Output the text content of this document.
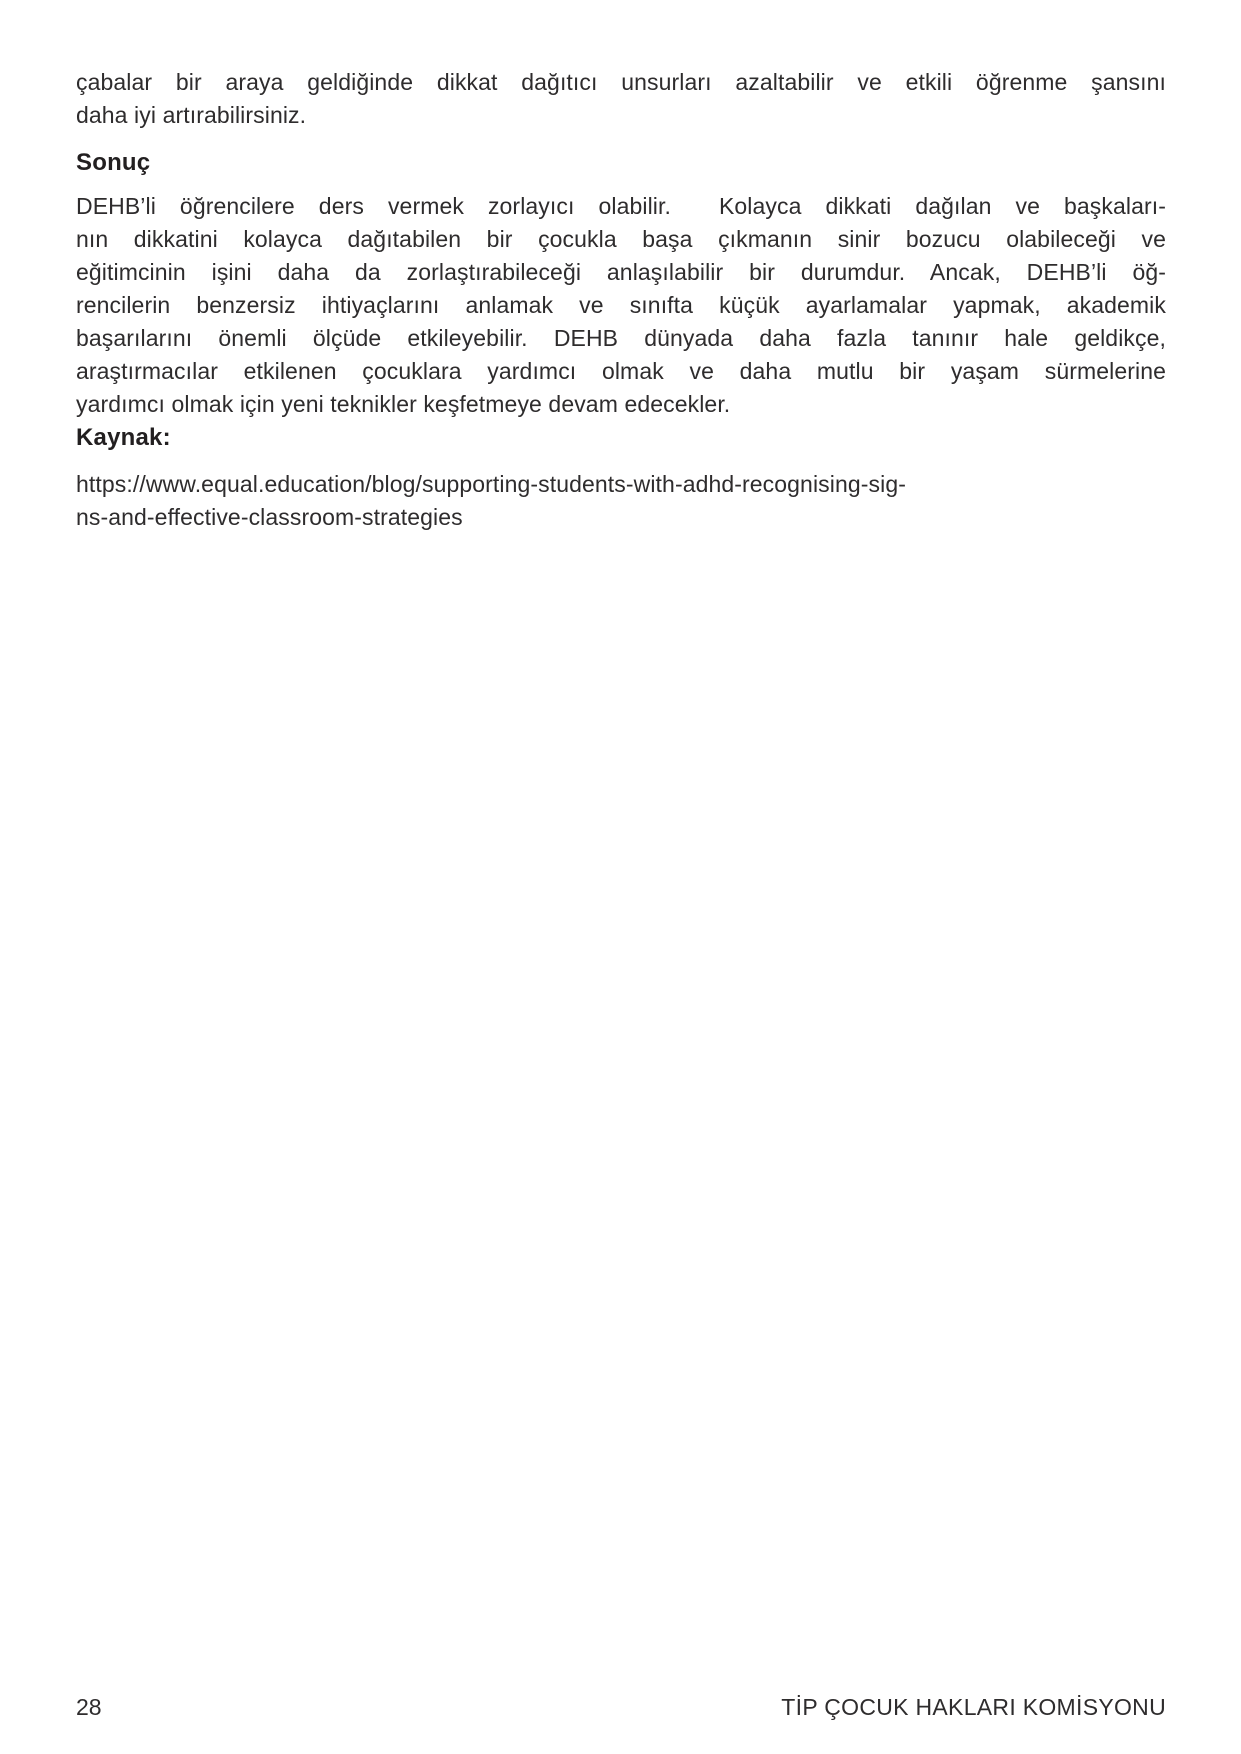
çabalar bir araya geldiğinde dikkat dağıtıcı unsurları azaltabilir ve etkili öğrenme şansını
daha iyi artırabilirsiniz.
Sonuç
DEHB’li öğrencilere ders vermek zorlayıcı olabilir.  Kolayca dikkati dağılan ve başkaları-
nın dikkatini kolayca dağıtabilen bir çocukla başa çıkmanın sinir bozucu olabileceği ve
eğitimcinin işini daha da zorlaştırabileceği anlaşılabilir bir durumdur. Ancak, DEHB’li öğ-
rencilerin benzersiz ihtiyaçlarını anlamak ve sınıfta küçük ayarlamalar yapmak, akademik
başarılarını önemli ölçüde etkileyebilir. DEHB dünyada daha fazla tanınır hale geldikçe,
araştırmacılar etkilenen çocuklara yardımcı olmak ve daha mutlu bir yaşam sürmelerine
yardımcı olmak için yeni teknikler keşfetmeye devam edecekler.
Kaynak:
https://www.equal.education/blog/supporting-students-with-adhd-recognising-sig-
ns-and-effective-classroom-strategies
28	TİP ÇOCUK HAKLARI KOMİSYONU
